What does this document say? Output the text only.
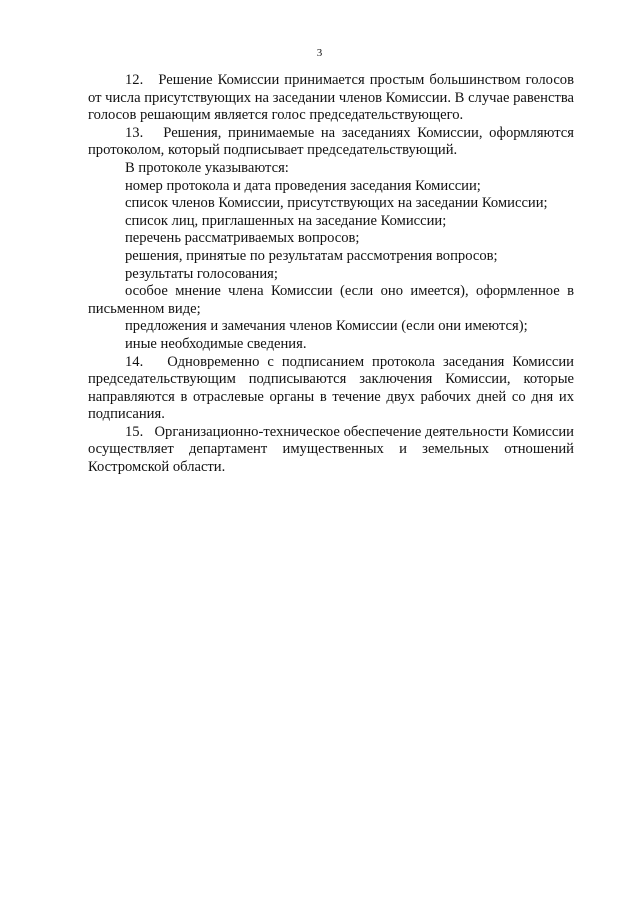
3

12.   Решение Комиссии принимается простым большинством голосов от числа присутствующих на заседании членов Комиссии. В случае равенства голосов решающим является голос председательствующего.

13.   Решения, принимаемые на заседаниях Комиссии, оформляются протоколом, который подписывает председательствующий.

В протоколе указываются:

номер протокола и дата проведения заседания Комиссии;

список членов Комиссии, присутствующих на заседании Комиссии;

список лиц, приглашенных на заседание Комиссии;

перечень рассматриваемых вопросов;

решения, принятые по результатам рассмотрения вопросов;

результаты голосования;

особое мнение члена Комиссии (если оно имеется), оформленное в письменном виде;

предложения и замечания членов Комиссии (если они имеются);

иные необходимые сведения.

14.   Одновременно с подписанием протокола заседания Комиссии председательствующим подписываются заключения Комиссии, которые направляются в отраслевые органы в течение двух рабочих дней со дня их подписания.

15.   Организационно-техническое обеспечение деятельности Комиссии осуществляет департамент имущественных и земельных отношений Костромской области.
